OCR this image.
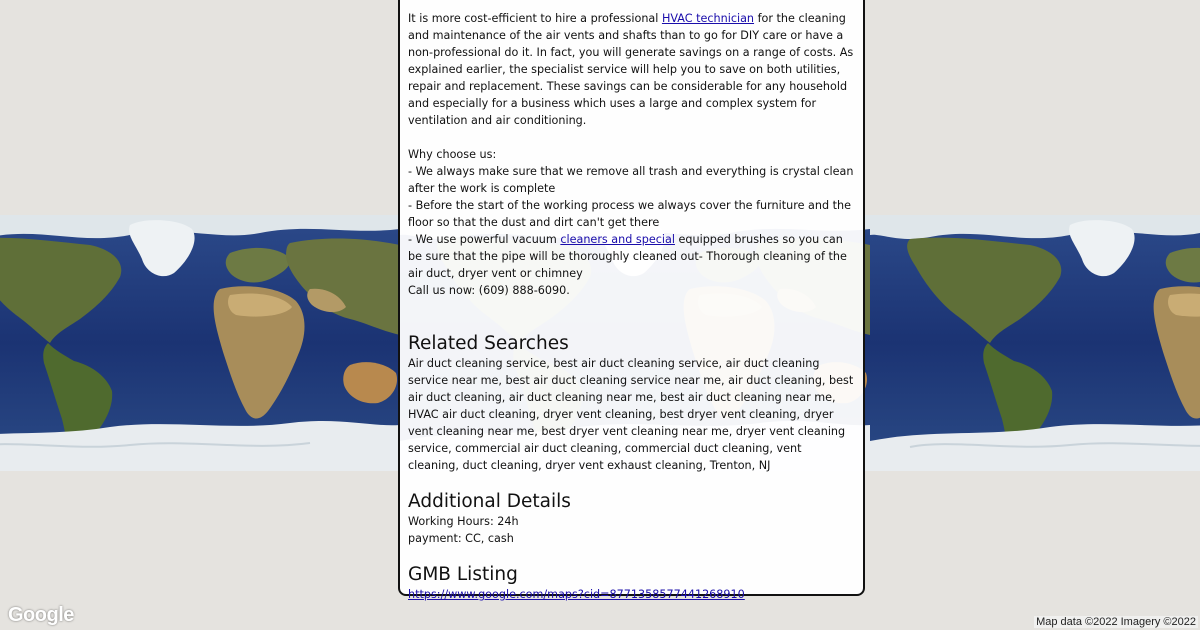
It is more cost-efficient to hire a professional HVAC technician for the cleaning and maintenance of the air vents and shafts than to go for DIY care or have a non-professional do it. In fact, you will generate savings on a range of costs. As explained earlier, the specialist service will help you to save on both utilities, repair and replacement. These savings can be considerable for any household and especially for a business which uses a large and complex system for ventilation and air conditioning.

Why choose us:

- We always make sure that we remove all trash and everything is crystal clean after the work is complete

- Before the start of the working process we always cover the furniture and the floor so that the dust and dirt can't get there

- We use powerful vacuum cleaners and special equipped brushes so you can be sure that the pipe will be thoroughly cleaned out- Thorough cleaning of the air duct, dryer vent or chimney

Call us now: (609) 888-6090.

Related Searches

Air duct cleaning service, best air duct cleaning service, air duct cleaning service near me, best air duct cleaning service near me, air duct cleaning, best air duct cleaning, air duct cleaning near me, best air duct cleaning near me, HVAC air duct cleaning, dryer vent cleaning, best dryer vent cleaning, dryer vent cleaning near me, best dryer vent cleaning near me, dryer vent cleaning service, commercial air duct cleaning, commercial duct cleaning, vent cleaning, duct cleaning, dryer vent exhaust cleaning, Trenton, NJ

Additional Details

Working Hours: 24h

payment: CC, cash

GMB Listing

https://www.google.com/maps?cid=8771358577441268910

Google	Map data ©2022 Imagery ©2022
